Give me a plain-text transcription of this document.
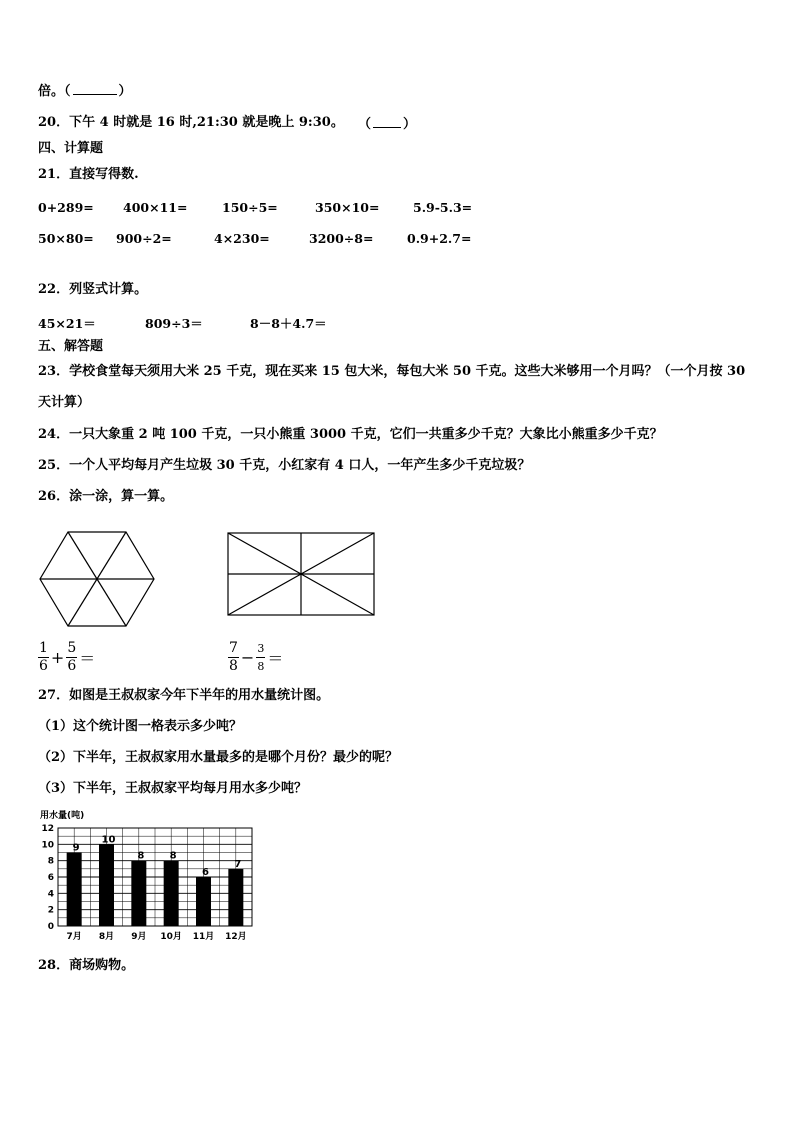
倍。（	）
20．下午 4 时就是 16 时,21:30 就是晚上 9:30。 （ ）
四、计算题
21．直接写得数.
0+289= 400×11=	150÷5=	350×10=	5.9-5.3=
50×80= 900÷2=	4×230=	3200÷8=	0.9+2.7=
22．列竖式计算。
45×21＝	809÷3＝	8－8＋4.7＝
五、解答题
23．学校食堂每天须用大米 25 千克，现在买来 15 包大米，每包大米 50 千克。这些大米够用一个月吗？（一个月按 30
天计算）
24．一只大象重 2 吨 100 千克，一只小熊重 3000 千克，它们一共重多少千克？大象比小熊重多少千克？
25．一个人平均每月产生垃圾 30 千克，小红家有 4 口人，一年产生多少千克垃圾？
26．涂一涂，算一算。
$\frac{1}{6} + \frac{5}{6}$ ＝	$\frac{7}{8} - \frac{3}{8}$ ＝
27．如图是王叔叔家今年下半年的用水量统计图。
（1）这个统计图一格表示多少吨？
（2）下半年，王叔叔家用水量最多的是哪个月份？最少的呢？
（3）下半年，王叔叔家平均每月用水多少吨？
用水量(吨)
0
2
4
6
8
10
12
9
7月
10
8月
8
9月
8
10月
6
11月
7
12月
28．商场购物。
